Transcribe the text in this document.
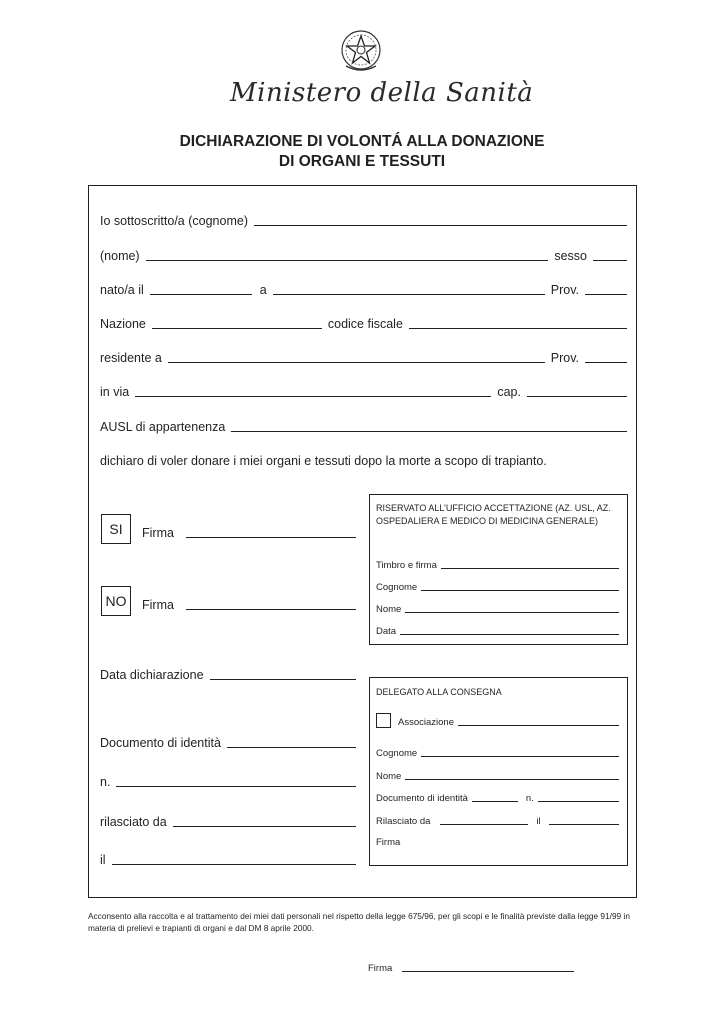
Ministero della Sanità
DICHIARAZIONE DI VOLONTÁ ALLA DONAZIONE
DI ORGANI E TESSUTI
Io sottoscritto/a (cognome)
(nome)	sesso
nato/a il	a	Prov.
Nazione	codice fiscale
residente a	Prov.
in via	cap.
AUSL di appartenenza
dichiaro di voler donare i miei organi e tessuti dopo la morte a scopo di trapianto.
SI Firma
NO Firma
RISERVATO ALL’UFFICIO ACCETTAZIONE (AZ. USL, AZ. OSPEDALIERA E MEDICO DI MEDICINA GENERALE)
Timbro e firma
Cognome
Nome
Data
Data dichiarazione
Documento di identità
n.
rilasciato da
il
DELEGATO ALLA CONSEGNA
Associazione
Cognome
Nome
Documento di identità	n.
Rilasciato da	il
Firma
Acconsento alla raccolta e al trattamento dei miei dati personali nel rispetto della legge 675/96, per gli scopi e le finalità previste dalla legge 91/99 in materia di prelievi e trapianti di organi e dal DM 8 aprile 2000.
Firma
